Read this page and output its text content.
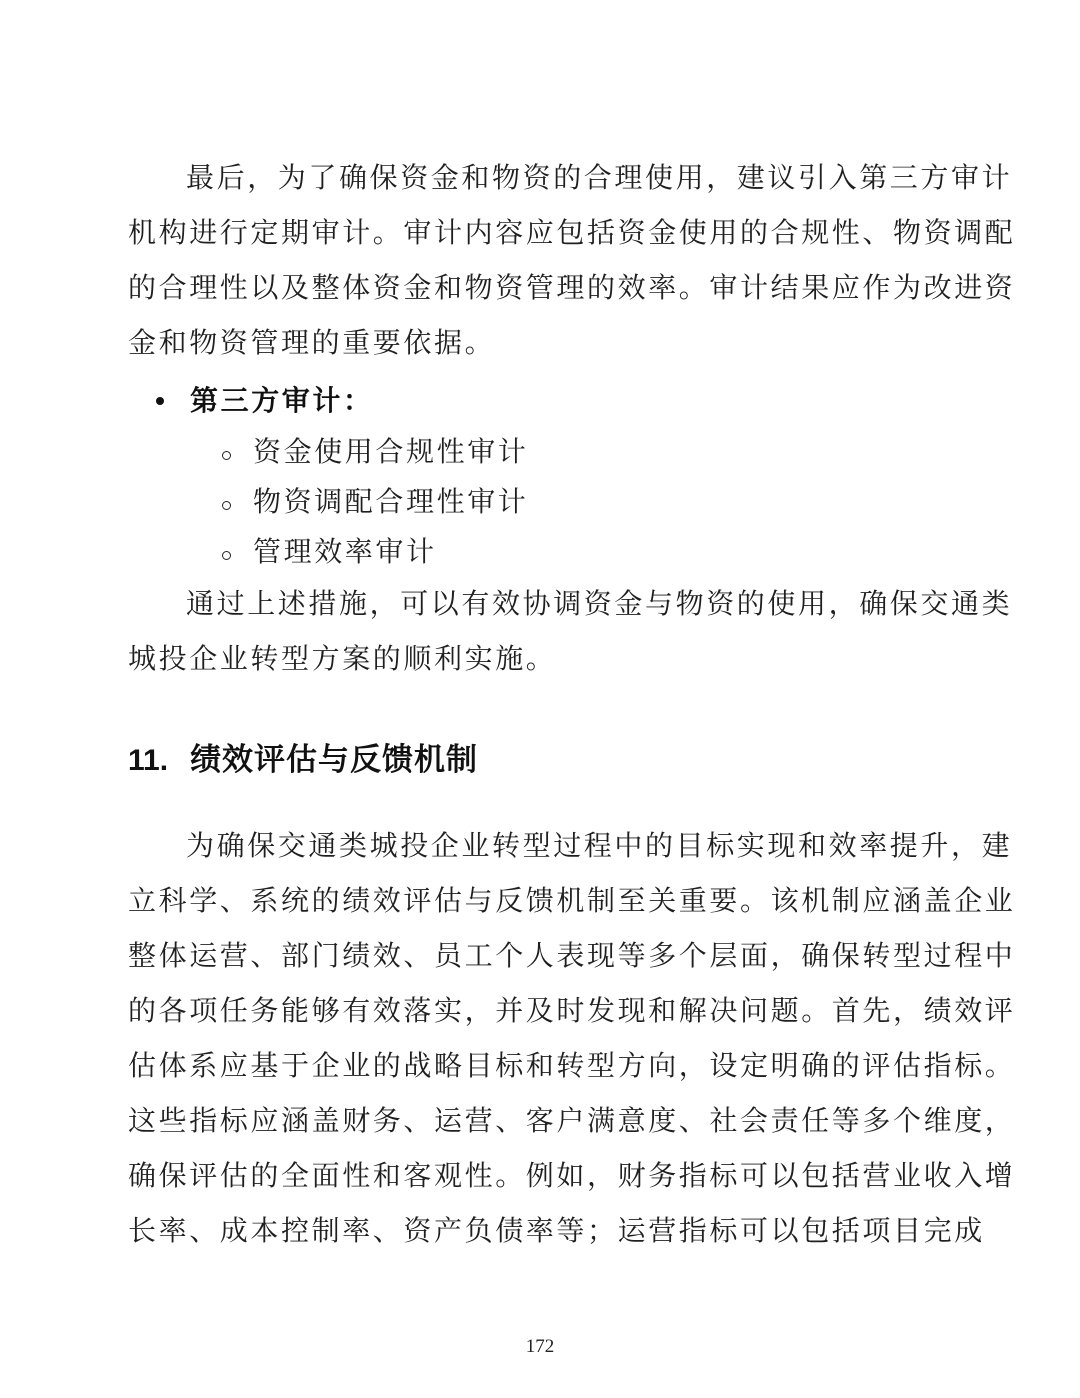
最后，为了确保资金和物资的合理使用，建议引入第三方审计
机构进行定期审计。审计内容应包括资金使用的合规性、物资调配
的合理性以及整体资金和物资管理的效率。审计结果应作为改进资
金和物资管理的重要依据。
第三方审计：
资金使用合规性审计
物资调配合理性审计
管理效率审计
通过上述措施，可以有效协调资金与物资的使用，确保交通类
城投企业转型方案的顺利实施。
11. 绩效评估与反馈机制
为确保交通类城投企业转型过程中的目标实现和效率提升，建
立科学、系统的绩效评估与反馈机制至关重要。该机制应涵盖企业
整体运营、部门绩效、员工个人表现等多个层面，确保转型过程中
的各项任务能够有效落实，并及时发现和解决问题。首先，绩效评
估体系应基于企业的战略目标和转型方向，设定明确的评估指标。
这些指标应涵盖财务、运营、客户满意度、社会责任等多个维度，
确保评估的全面性和客观性。例如，财务指标可以包括营业收入增
长率、成本控制率、资产负债率等；运营指标可以包括项目完成
172
